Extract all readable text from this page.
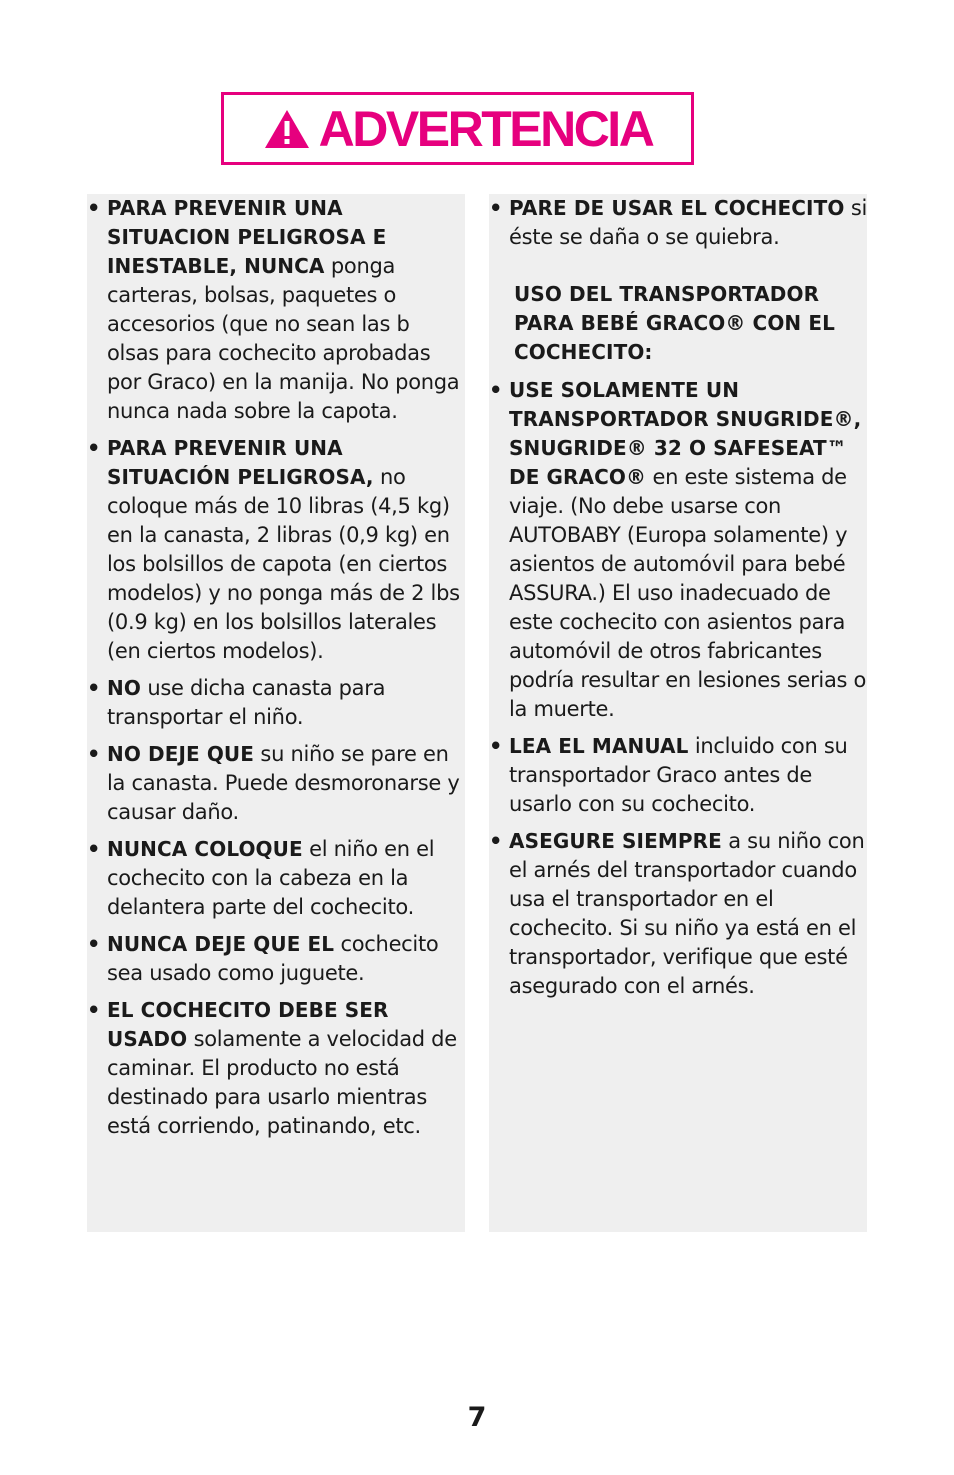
ADVERTENCIA
• PARA PREVENIR UNA SITUACION PELIGROSA E INESTABLE, NUNCA ponga carteras, bolsas, paquetes o accesorios (que no sean las b olsas para cochecito aprobadas por Graco) en la manija. No ponga nunca nada sobre la capota.
• PARA PREVENIR UNA SITUACIÓN PELIGROSA, no coloque más de 10 libras (4,5 kg) en la canasta, 2 libras (0,9 kg) en los bolsillos de capota (en ciertos modelos) y no ponga más de 2 lbs (0.9 kg) en los bolsillos laterales (en ciertos modelos).
• NO use dicha canasta para transportar el niño.
• NO DEJE QUE su niño se pare en la canasta. Puede desmoronarse y causar daño.
• NUNCA COLOQUE el niño en el cochecito con la cabeza en la delantera parte del cochecito.
• NUNCA DEJE QUE EL cochecito sea usado como juguete.
• EL COCHECITO DEBE SER USADO solamente a velocidad de caminar. El producto no está destinado para usarlo mientras está corriendo, patinando, etc.
• PARE DE USAR EL COCHECITO si éste se daña o se quiebra.
USO DEL TRANSPORTADOR PARA BEBÉ GRACO® CON EL COCHECITO:
• USE SOLAMENTE UN TRANSPORTADOR SNUGRIDE®, SNUGRIDE® 32 O SAFESEAT™ DE GRACO® en este sistema de viaje. (No debe usarse con AUTOBABY (Europa solamente) y asientos de automóvil para bebé ASSURA.) El uso inadecuado de este cochecito con asientos para automóvil de otros fabricantes podría resultar en lesiones serias o la muerte.
• LEA EL MANUAL incluido con su transportador Graco antes de usarlo con su cochecito.
• ASEGURE SIEMPRE a su niño con el arnés del transportador cuando usa el transportador en el cochecito. Si su niño ya está en el transportador, verifique que esté asegurado con el arnés.
7
